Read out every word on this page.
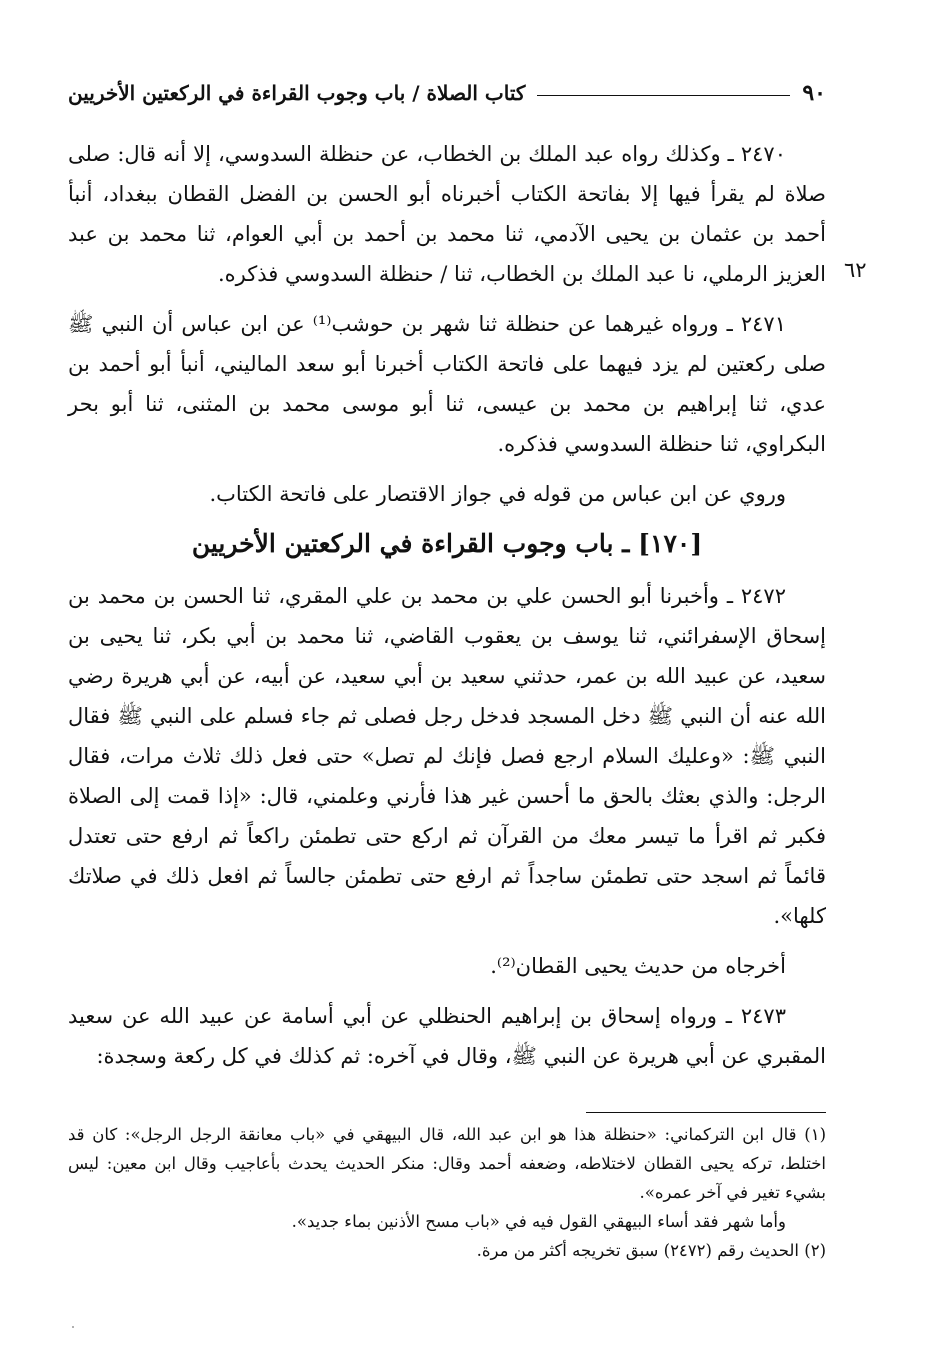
٩٠
كتاب الصلاة / باب وجوب القراءة في الركعتين الأخريين
٦٢

٢٤٧٠ ـ وكذلك رواه عبد الملك بن الخطاب، عن حنظلة السدوسي، إلا أنه قال: صلى صلاة لم يقرأ فيها إلا بفاتحة الكتاب أخبرناه أبو الحسن بن الفضل القطان ببغداد، أنبأ أحمد بن عثمان بن يحيى الآدمي، ثنا محمد بن أحمد بن أبي العوام، ثنا محمد بن عبد العزيز الرملي، نا عبد الملك بن الخطاب، ثنا / حنظلة السدوسي فذكره.

٢٤٧١ ـ ورواه غيرهما عن حنظلة ثنا شهر بن حوشب⁽¹⁾ عن ابن عباس أن النبي ﷺ صلى ركعتين لم يزد فيهما على فاتحة الكتاب أخبرنا أبو سعد الماليني، أنبأ أبو أحمد بن عدي، ثنا إبراهيم بن محمد بن عيسى، ثنا أبو موسى محمد بن المثنى، ثنا أبو بحر البكراوي، ثنا حنظلة السدوسي فذكره.

وروي عن ابن عباس من قوله في جواز الاقتصار على فاتحة الكتاب.

[١٧٠] ـ باب وجوب القراءة في الركعتين الأخريين

٢٤٧٢ ـ وأخبرنا أبو الحسن علي بن محمد بن علي المقري، ثنا الحسن بن محمد بن إسحاق الإسفرائني، ثنا يوسف بن يعقوب القاضي، ثنا محمد بن أبي بكر، ثنا يحيى بن سعيد، عن عبيد الله بن عمر، حدثني سعيد بن أبي سعيد، عن أبيه، عن أبي هريرة رضي الله عنه أن النبي ﷺ دخل المسجد فدخل رجل فصلى ثم جاء فسلم على النبي ﷺ فقال النبي ﷺ: «وعليك السلام ارجع فصل فإنك لم تصل» حتى فعل ذلك ثلاث مرات، فقال الرجل: والذي بعثك بالحق ما أحسن غير هذا فأرني وعلمني، قال: «إذا قمت إلى الصلاة فكبر ثم اقرأ ما تيسر معك من القرآن ثم اركع حتى تطمئن راكعاً ثم ارفع حتى تعتدل قائماً ثم اسجد حتى تطمئن ساجداً ثم ارفع حتى تطمئن جالساً ثم افعل ذلك في صلاتك كلها».

أخرجاه من حديث يحيى القطان⁽²⁾.

٢٤٧٣ ـ ورواه إسحاق بن إبراهيم الحنظلي عن أبي أسامة عن عبيد الله عن سعيد المقبري عن أبي هريرة عن النبي ﷺ، وقال في آخره: ثم كذلك في كل ركعة وسجدة:

(١) قال ابن التركماني: «حنظلة هذا هو ابن عبد الله، قال البيهقي في «باب معانقة الرجل الرجل»: كان قد اختلط، تركه يحيى القطان لاختلاطه، وضعفه أحمد وقال: منكر الحديث يحدث بأعاجيب وقال ابن معين: ليس بشيء تغير في آخر عمره».

وأما شهر فقد أساء البيهقي القول فيه في «باب مسح الأذنين بماء جديد».

(٢) الحديث رقم (٢٤٧٢) سبق تخريجه أكثر من مرة.
